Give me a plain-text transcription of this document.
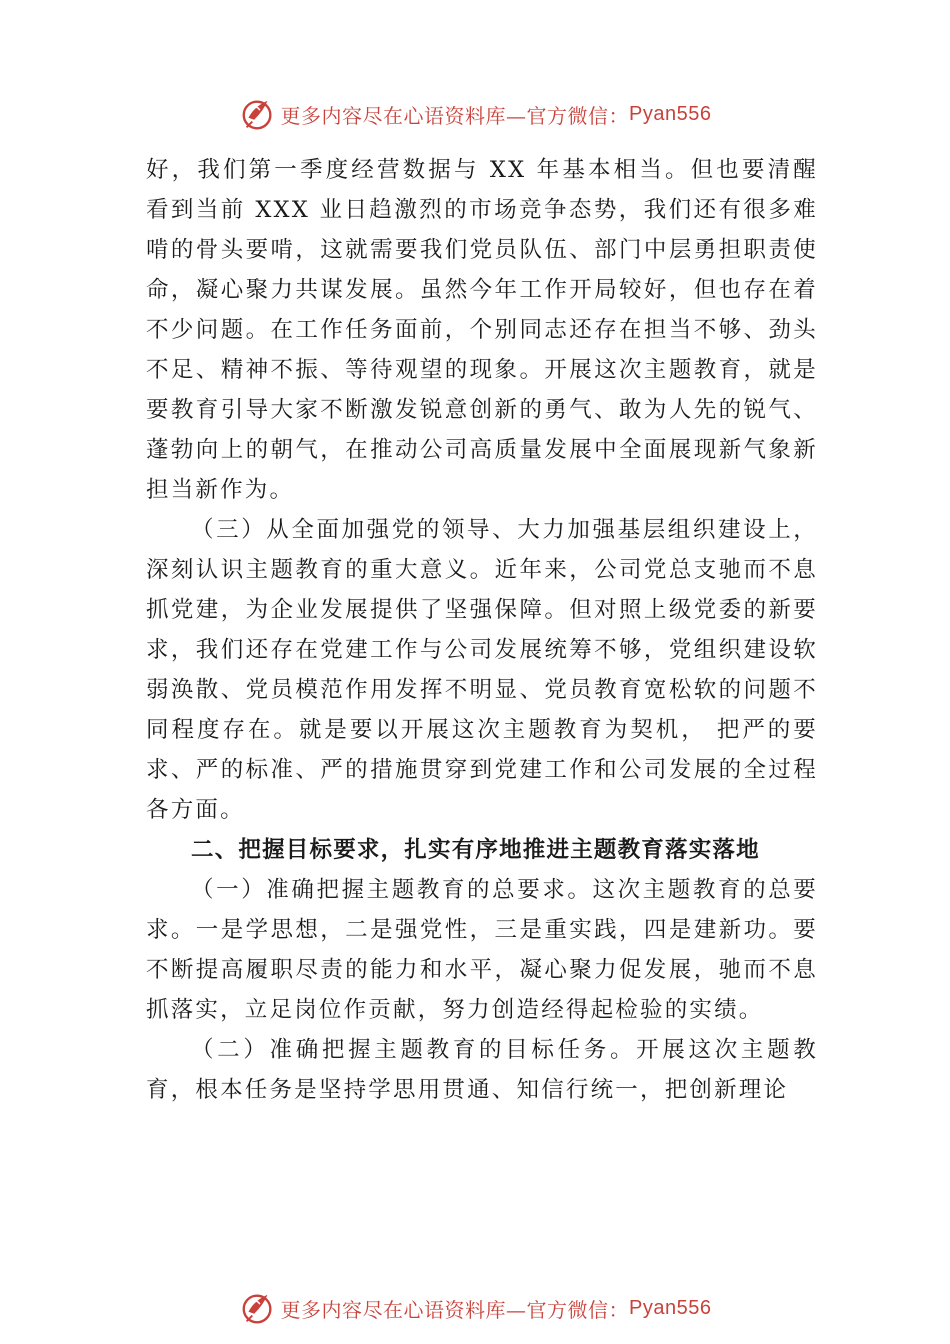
更多内容尽在心语资料库—官方微信： Pyan556

好，我们第一季度经营数据与 XX 年基本相当。但也要清醒看到当前 XXX 业日趋激烈的市场竞争态势，我们还有很多难啃的骨头要啃，这就需要我们党员队伍、部门中层勇担职责使命，凝心聚力共谋发展。虽然今年工作开局较好，但也存在着不少问题。在工作任务面前，个别同志还存在担当不够、劲头不足、精神不振、等待观望的现象。开展这次主题教育，就是要教育引导大家不断激发锐意创新的勇气、敢为人先的锐气、蓬勃向上的朝气，在推动公司高质量发展中全面展现新气象新担当新作为。

（三）从全面加强党的领导、大力加强基层组织建设上，深刻认识主题教育的重大意义。近年来，公司党总支驰而不息抓党建，为企业发展提供了坚强保障。但对照上级党委的新要求，我们还存在党建工作与公司发展统筹不够，党组织建设软弱涣散、党员模范作用发挥不明显、党员教育宽松软的问题不同程度存在。就是要以开展这次主题教育为契机， 把严的要求、严的标准、严的措施贯穿到党建工作和公司发展的全过程各方面。

二、把握目标要求，扎实有序地推进主题教育落实落地

（一）准确把握主题教育的总要求。这次主题教育的总要求。一是学思想，二是强党性，三是重实践，四是建新功。要不断提高履职尽责的能力和水平，凝心聚力促发展，驰而不息抓落实，立足岗位作贡献，努力创造经得起检验的实绩。

（二）准确把握主题教育的目标任务。开展这次主题教育，根本任务是坚持学思用贯通、知信行统一，把创新理论

更多内容尽在心语资料库—官方微信： Pyan556
